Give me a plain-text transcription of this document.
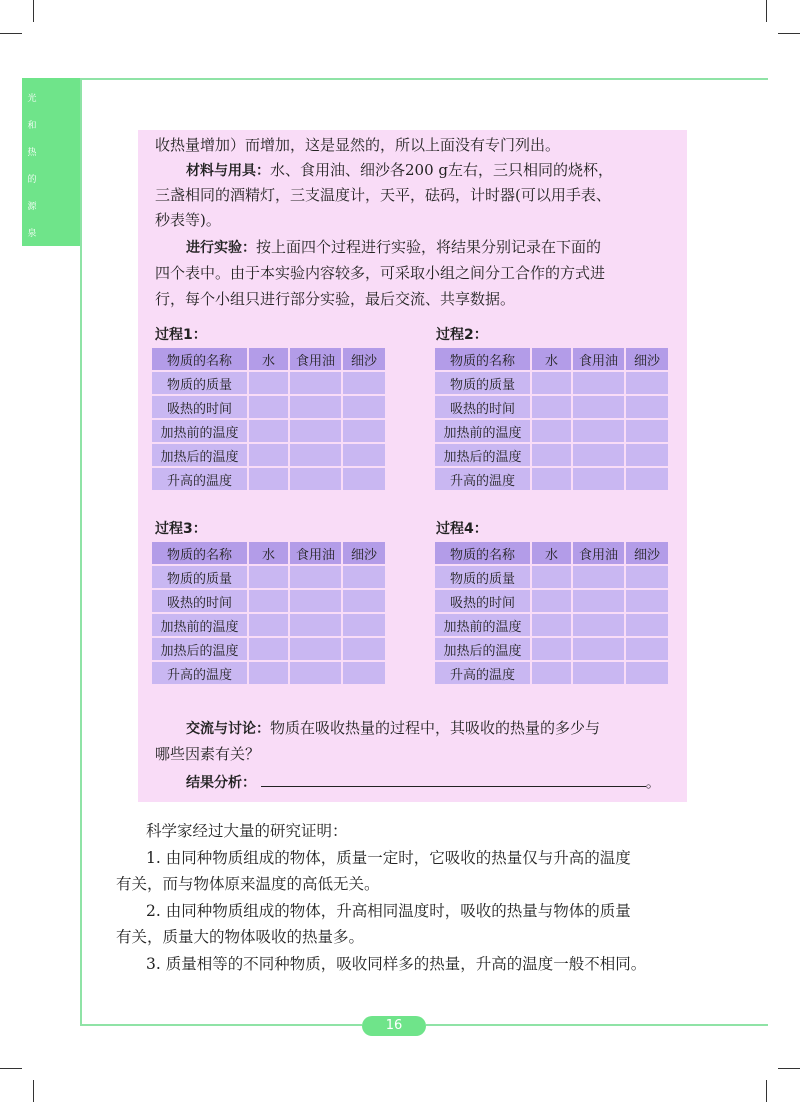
光
和
热
的
源
泉
收热量增加）而增加，这是显然的，所以上面没有专门列出。
材料与用具：水、食用油、细沙各200 g左右，三只相同的烧杯，
三盏相同的酒精灯，三支温度计，天平，砝码，计时器(可以用手表、
秒表等)。
进行实验：按上面四个过程进行实验，将结果分别记录在下面的
四个表中。由于本实验内容较多，可采取小组之间分工合作的方式进
行，每个小组只进行部分实验，最后交流、共享数据。
过程1：	过程2：
过程3：	过程4：
物质的名称	水	食用油	细沙
物质的质量			
吸热的时间			
加热前的温度			
加热后的温度			
升高的温度			
物质的名称	水	食用油	细沙
物质的质量			
吸热的时间			
加热前的温度			
加热后的温度			
升高的温度			
物质的名称	水	食用油	细沙
物质的质量			
吸热的时间			
加热前的温度			
加热后的温度			
升高的温度			
物质的名称	水	食用油	细沙
物质的质量			
吸热的时间			
加热前的温度			
加热后的温度			
升高的温度			
交流与讨论：物质在吸收热量的过程中，其吸收的热量的多少与
哪些因素有关？
结果分析：	。
科学家经过大量的研究证明：
1. 由同种物质组成的物体，质量一定时，它吸收的热量仅与升高的温度
有关，而与物体原来温度的高低无关。
2. 由同种物质组成的物体，升高相同温度时，吸收的热量与物体的质量
有关，质量大的物体吸收的热量多。
3. 质量相等的不同种物质，吸收同样多的热量，升高的温度一般不相同。
16
